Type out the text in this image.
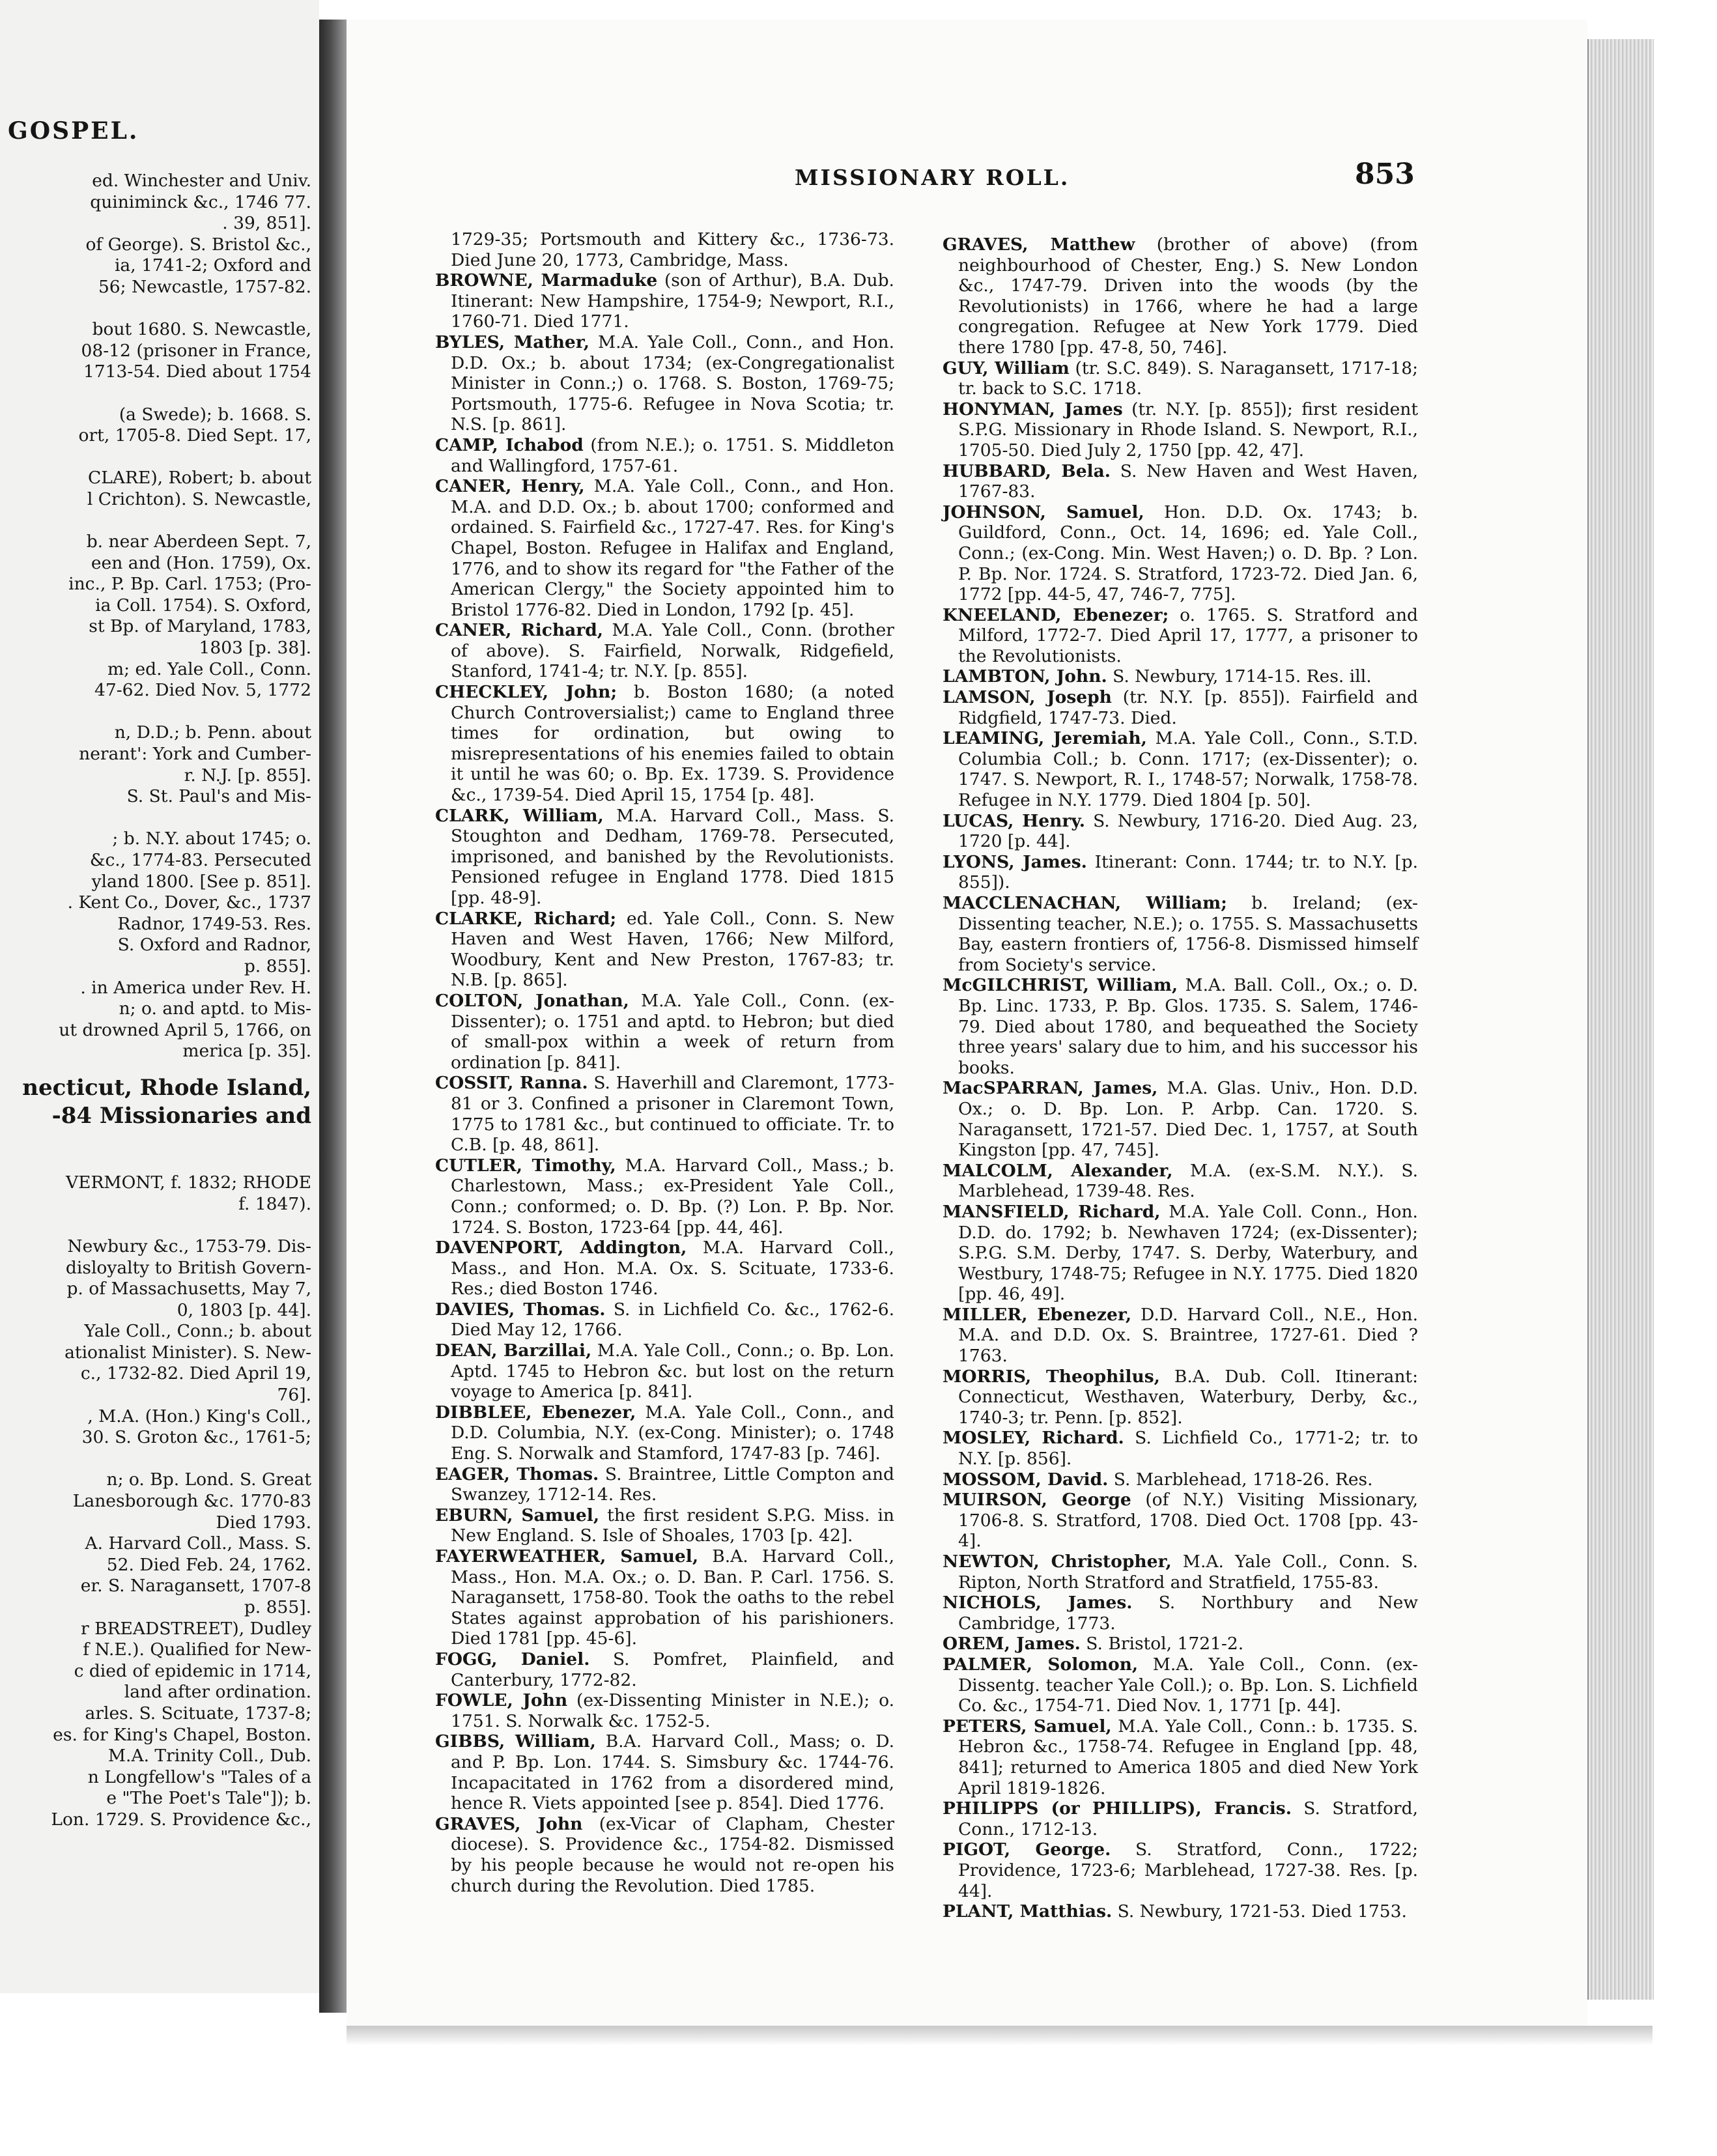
GOSPEL.
ed. Winchester and Univ.
quiniminck &c., 1746 77.
. 39, 851].
of George). S. Bristol &c.,
ia, 1741-2; Oxford and
56; Newcastle, 1757-82.
bout 1680. S. Newcastle,
08-12 (prisoner in France,
1713-54. Died about 1754
(a Swede); b. 1668. S.
ort, 1705-8. Died Sept. 17,
CLARE), Robert; b. about
l Crichton). S. Newcastle,
b. near Aberdeen Sept. 7,
een and (Hon. 1759), Ox.
inc., P. Bp. Carl. 1753; (Pro-
ia Coll. 1754). S. Oxford,
st Bp. of Maryland, 1783,
1803 [p. 38].
m; ed. Yale Coll., Conn.
47-62. Died Nov. 5, 1772
n, D.D.; b. Penn. about
nerant': York and Cumber-
r. N.J. [p. 855].
S. St. Paul's and Mis-
; b. N.Y. about 1745; o.
&c., 1774-83. Persecuted
yland 1800. [See p. 851].
. Kent Co., Dover, &c., 1737
Radnor, 1749-53. Res.
S. Oxford and Radnor,
p. 855].
. in America under Rev. H.
n; o. and aptd. to Mis-
ut drowned April 5, 1766, on
merica [p. 35].
necticut, Rhode Island,
-84 Missionaries and
VERMONT, f. 1832; RHODE
f. 1847).
Newbury &c., 1753-79. Dis-
disloyalty to British Govern-
p. of Massachusetts, May 7,
0, 1803 [p. 44].
Yale Coll., Conn.; b. about
ationalist Minister). S. New-
c., 1732-82. Died April 19,
76].
, M.A. (Hon.) King's Coll.,
30. S. Groton &c., 1761-5;
n; o. Bp. Lond. S. Great
Lanesborough &c. 1770-83
Died 1793.
A. Harvard Coll., Mass. S.
52. Died Feb. 24, 1762.
er. S. Naragansett, 1707-8
p. 855].
r BREADSTREET), Dudley
f N.E.). Qualified for New-
c died of epidemic in 1714,
land after ordination.
arles. S. Scituate, 1737-8;
es. for King's Chapel, Boston.
M.A. Trinity Coll., Dub.
n Longfellow's "Tales of a
e "The Poet's Tale"]); b.
Lon. 1729. S. Providence &c.,
MISSIONARY ROLL.	853

1729-35; Portsmouth and Kittery &c., 1736-73. Died June 20, 1773, Cambridge, Mass.

BROWNE, Marmaduke (son of Arthur), B.A. Dub. Itinerant: New Hampshire, 1754-9; Newport, R.I., 1760-71. Died 1771.

BYLES, Mather, M.A. Yale Coll., Conn., and Hon. D.D. Ox.; b. about 1734; (ex-Congregationalist Minister in Conn.;) o. 1768. S. Boston, 1769-75; Portsmouth, 1775-6. Refugee in Nova Scotia; tr. N.S. [p. 861].

CAMP, Ichabod (from N.E.); o. 1751. S. Middleton and Wallingford, 1757-61.

CANER, Henry, M.A. Yale Coll., Conn., and Hon. M.A. and D.D. Ox.; b. about 1700; conformed and ordained. S. Fairfield &c., 1727-47. Res. for King's Chapel, Boston. Refugee in Halifax and England, 1776, and to show its regard for "the Father of the American Clergy," the Society appointed him to Bristol 1776-82. Died in London, 1792 [p. 45].

CANER, Richard, M.A. Yale Coll., Conn. (brother of above). S. Fairfield, Norwalk, Ridgefield, Stanford, 1741-4; tr. N.Y. [p. 855].

CHECKLEY, John; b. Boston 1680; (a noted Church Controversialist;) came to England three times for ordination, but owing to misrepresentations of his enemies failed to obtain it until he was 60; o. Bp. Ex. 1739. S. Providence &c., 1739-54. Died April 15, 1754 [p. 48].

CLARK, William, M.A. Harvard Coll., Mass. S. Stoughton and Dedham, 1769-78. Persecuted, imprisoned, and banished by the Revolutionists. Pensioned refugee in England 1778. Died 1815 [pp. 48-9].

CLARKE, Richard; ed. Yale Coll., Conn. S. New Haven and West Haven, 1766; New Milford, Woodbury, Kent and New Preston, 1767-83; tr. N.B. [p. 865].

COLTON, Jonathan, M.A. Yale Coll., Conn. (ex-Dissenter); o. 1751 and aptd. to Hebron; but died of small-pox within a week of return from ordination [p. 841].

COSSIT, Ranna. S. Haverhill and Claremont, 1773-81 or 3. Confined a prisoner in Claremont Town, 1775 to 1781 &c., but continued to officiate. Tr. to C.B. [p. 48, 861].

CUTLER, Timothy, M.A. Harvard Coll., Mass.; b. Charlestown, Mass.; ex-President Yale Coll., Conn.; conformed; o. D. Bp. (?) Lon. P. Bp. Nor. 1724. S. Boston, 1723-64 [pp. 44, 46].

DAVENPORT, Addington, M.A. Harvard Coll., Mass., and Hon. M.A. Ox. S. Scituate, 1733-6. Res.; died Boston 1746.

DAVIES, Thomas. S. in Lichfield Co. &c., 1762-6. Died May 12, 1766.

DEAN, Barzillai, M.A. Yale Coll., Conn.; o. Bp. Lon. Aptd. 1745 to Hebron &c. but lost on the return voyage to America [p. 841].

DIBBLEE, Ebenezer, M.A. Yale Coll., Conn., and D.D. Columbia, N.Y. (ex-Cong. Minister); o. 1748 Eng. S. Norwalk and Stamford, 1747-83 [p. 746].

EAGER, Thomas. S. Braintree, Little Compton and Swanzey, 1712-14. Res.

EBURN, Samuel, the first resident S.P.G. Miss. in New England. S. Isle of Shoales, 1703 [p. 42].

FAYERWEATHER, Samuel, B.A. Harvard Coll., Mass., Hon. M.A. Ox.; o. D. Ban. P. Carl. 1756. S. Naragansett, 1758-80. Took the oaths to the rebel States against approbation of his parishioners. Died 1781 [pp. 45-6].

FOGG, Daniel. S. Pomfret, Plainfield, and Canterbury, 1772-82.

FOWLE, John (ex-Dissenting Minister in N.E.); o. 1751. S. Norwalk &c. 1752-5.

GIBBS, William, B.A. Harvard Coll., Mass; o. D. and P. Bp. Lon. 1744. S. Simsbury &c. 1744-76. Incapacitated in 1762 from a disordered mind, hence R. Viets appointed [see p. 854]. Died 1776.

GRAVES, John (ex-Vicar of Clapham, Chester diocese). S. Providence &c., 1754-82. Dismissed by his people because he would not re-open his church during the Revolution. Died 1785.

GRAVES, Matthew (brother of above) (from neighbourhood of Chester, Eng.) S. New London &c., 1747-79. Driven into the woods (by the Revolutionists) in 1766, where he had a large congregation. Refugee at New York 1779. Died there 1780 [pp. 47-8, 50, 746].

GUY, William (tr. S.C. 849). S. Naragansett, 1717-18; tr. back to S.C. 1718.

HONYMAN, James (tr. N.Y. [p. 855]); first resident S.P.G. Missionary in Rhode Island. S. Newport, R.I., 1705-50. Died July 2, 1750 [pp. 42, 47].

HUBBARD, Bela. S. New Haven and West Haven, 1767-83.

JOHNSON, Samuel, Hon. D.D. Ox. 1743; b. Guildford, Conn., Oct. 14, 1696; ed. Yale Coll., Conn.; (ex-Cong. Min. West Haven;) o. D. Bp. ? Lon. P. Bp. Nor. 1724. S. Stratford, 1723-72. Died Jan. 6, 1772 [pp. 44-5, 47, 746-7, 775].

KNEELAND, Ebenezer; o. 1765. S. Stratford and Milford, 1772-7. Died April 17, 1777, a prisoner to the Revolutionists.

LAMBTON, John. S. Newbury, 1714-15. Res. ill.

LAMSON, Joseph (tr. N.Y. [p. 855]). Fairfield and Ridgfield, 1747-73. Died.

LEAMING, Jeremiah, M.A. Yale Coll., Conn., S.T.D. Columbia Coll.; b. Conn. 1717; (ex-Dissenter); o. 1747. S. Newport, R. I., 1748-57; Norwalk, 1758-78. Refugee in N.Y. 1779. Died 1804 [p. 50].

LUCAS, Henry. S. Newbury, 1716-20. Died Aug. 23, 1720 [p. 44].

LYONS, James. Itinerant: Conn. 1744; tr. to N.Y. [p. 855]).

MACCLENACHAN, William; b. Ireland; (ex-Dissenting teacher, N.E.); o. 1755. S. Massachusetts Bay, eastern frontiers of, 1756-8. Dismissed himself from Society's service.

McGILCHRIST, William, M.A. Ball. Coll., Ox.; o. D. Bp. Linc. 1733, P. Bp. Glos. 1735. S. Salem, 1746-79. Died about 1780, and bequeathed the Society three years' salary due to him, and his successor his books.

MacSPARRAN, James, M.A. Glas. Univ., Hon. D.D. Ox.; o. D. Bp. Lon. P. Arbp. Can. 1720. S. Naragansett, 1721-57. Died Dec. 1, 1757, at South Kingston [pp. 47, 745].

MALCOLM, Alexander, M.A. (ex-S.M. N.Y.). S. Marblehead, 1739-48. Res.

MANSFIELD, Richard, M.A. Yale Coll. Conn., Hon. D.D. do. 1792; b. Newhaven 1724; (ex-Dissenter); S.P.G. S.M. Derby, 1747. S. Derby, Waterbury, and Westbury, 1748-75; Refugee in N.Y. 1775. Died 1820 [pp. 46, 49].

MILLER, Ebenezer, D.D. Harvard Coll., N.E., Hon. M.A. and D.D. Ox. S. Braintree, 1727-61. Died ? 1763.

MORRIS, Theophilus, B.A. Dub. Coll. Itinerant: Connecticut, Westhaven, Waterbury, Derby, &c., 1740-3; tr. Penn. [p. 852].

MOSLEY, Richard. S. Lichfield Co., 1771-2; tr. to N.Y. [p. 856].

MOSSOM, David. S. Marblehead, 1718-26. Res.

MUIRSON, George (of N.Y.) Visiting Missionary, 1706-8. S. Stratford, 1708. Died Oct. 1708 [pp. 43-4].

NEWTON, Christopher, M.A. Yale Coll., Conn. S. Ripton, North Stratford and Stratfield, 1755-83.

NICHOLS, James. S. Northbury and New Cambridge, 1773.

OREM, James. S. Bristol, 1721-2.

PALMER, Solomon, M.A. Yale Coll., Conn. (ex-Dissentg. teacher Yale Coll.); o. Bp. Lon. S. Lichfield Co. &c., 1754-71. Died Nov. 1, 1771 [p. 44].

PETERS, Samuel, M.A. Yale Coll., Conn.: b. 1735. S. Hebron &c., 1758-74. Refugee in England [pp. 48, 841]; returned to America 1805 and died New York April 1819-1826.

PHILIPPS (or PHILLIPS), Francis. S. Stratford, Conn., 1712-13.

PIGOT, George. S. Stratford, Conn., 1722; Providence, 1723-6; Marblehead, 1727-38. Res. [p. 44].

PLANT, Matthias. S. Newbury, 1721-53. Died 1753.
